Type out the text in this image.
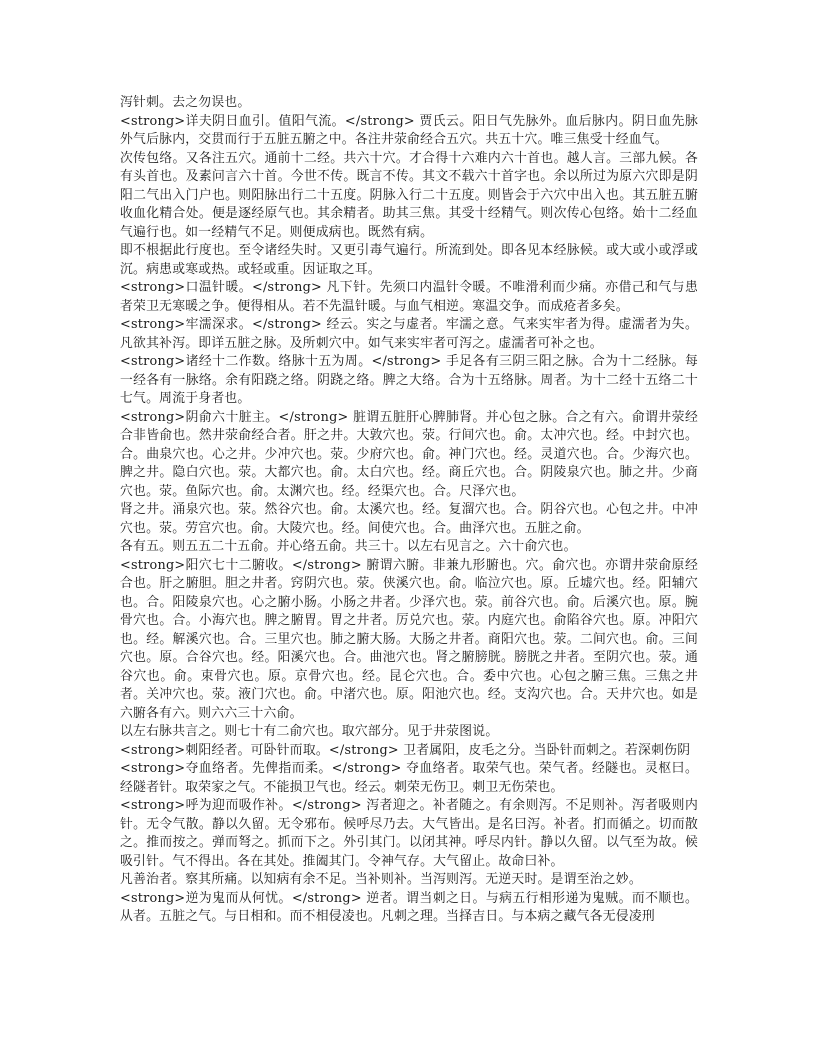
泻针刺。去之勿误也。

<strong>详夫阴日血引。值阳气流。</strong> 贾氏云。阳日气先脉外。血后脉内。阴日血先脉外气后脉内，交贯而行于五脏五腑之中。各注井荥俞经合五穴。共五十穴。唯三焦受十经血气。

次传包络。又各注五穴。通前十二经。共六十穴。才合得十六难内六十首也。越人言。三部九候。各有头首也。及素问言六十首。今世不传。既言不传。其文不载六十首字也。余以所过为原六穴即是阴阳二气出入门户也。则阳脉出行二十五度。阴脉入行二十五度。则皆会于六穴中出入也。其五脏五腑收血化精合处。便是逐经原气也。其余精者。助其三焦。其受十经精气。则次传心包络。始十二经血气遍行也。如一经精气不足。则便成病也。既然有病。

即不根据此行度也。至令诸经失时。又更引毒气遍行。所流到处。即各见本经脉候。或大或小或浮或沉。病患或寒或热。或轻或重。因证取之耳。

<strong>口温针暖。</strong> 凡下针。先须口内温针令暖。不唯滑利而少痛。亦借己和气与患者荣卫无寒暖之争。便得相从。若不先温针暖。与血气相逆。寒温交争。而成疮者多矣。

<strong>牢濡深求。</strong> 经云。实之与虚者。牢濡之意。气来实牢者为得。虚濡者为失。凡欲其补泻。即详五脏之脉。及所刺穴中。如气来实牢者可泻之。虚濡者可补之也。

<strong>诸经十二作数。络脉十五为周。</strong> 手足各有三阴三阳之脉。合为十二经脉。每一经各有一脉络。余有阳跷之络。阴跷之络。脾之大络。合为十五络脉。周者。为十二经十五络二十七气。周流于身者也。

<strong>阴俞六十脏主。</strong> 脏谓五脏肝心脾肺肾。并心包之脉。合之有六。俞谓井荥经合非皆俞也。然井荥俞经合者。肝之井。大敦穴也。荥。行间穴也。俞。太冲穴也。经。中封穴也。合。曲泉穴也。心之井。少冲穴也。荥。少府穴也。俞。神门穴也。经。灵道穴也。合。少海穴也。脾之井。隐白穴也。荥。大都穴也。俞。太白穴也。经。商丘穴也。合。阴陵泉穴也。肺之井。少商穴也。荥。鱼际穴也。俞。太渊穴也。经。经渠穴也。合。尺泽穴也。

肾之井。涌泉穴也。荥。然谷穴也。俞。太溪穴也。经。复溜穴也。合。阴谷穴也。心包之井。中冲穴也。荥。劳宫穴也。俞。大陵穴也。经。间使穴也。合。曲泽穴也。五脏之俞。

各有五。则五五二十五俞。并心络五俞。共三十。以左右见言之。六十俞穴也。

<strong>阳穴七十二腑收。</strong> 腑谓六腑。非兼九形腑也。穴。俞穴也。亦谓井荥俞原经合也。肝之腑胆。胆之井者。窍阴穴也。荥。侠溪穴也。俞。临泣穴也。原。丘墟穴也。经。阳辅穴也。合。阳陵泉穴也。心之腑小肠。小肠之井者。少泽穴也。荥。前谷穴也。俞。后溪穴也。原。腕骨穴也。合。小海穴也。脾之腑胃。胃之井者。厉兑穴也。荥。内庭穴也。俞陷谷穴也。原。冲阳穴也。经。解溪穴也。合。三里穴也。肺之腑大肠。大肠之井者。商阳穴也。荥。二间穴也。俞。三间穴也。原。合谷穴也。经。阳溪穴也。合。曲池穴也。肾之腑膀胱。膀胱之井者。至阴穴也。荥。通谷穴也。俞。束骨穴也。原。京骨穴也。经。昆仑穴也。合。委中穴也。心包之腑三焦。三焦之井者。关冲穴也。荥。液门穴也。俞。中渚穴也。原。阳池穴也。经。支沟穴也。合。天井穴也。如是六腑各有六。则六六三十六俞。

以左右脉共言之。则七十有二俞穴也。取穴部分。见于井荥图说。

<strong>刺阳经者。可卧针而取。</strong> 卫者属阳，皮毛之分。当卧针而刺之。若深刺伤阴

<strong>夺血络者。先俾指而柔。</strong> 夺血络者。取荣气也。荣气者。经隧也。灵枢曰。经隧者针。取荣家之气。不能损卫气也。经云。刺荣无伤卫。刺卫无伤荣也。

<strong>呼为迎而吸作补。</strong> 泻者迎之。补者随之。有余则泻。不足则补。泻者吸则内针。无令气散。静以久留。无令邪布。候呼尽乃去。大气皆出。是名曰泻。补者。扪而循之。切而散之。推而按之。弹而弩之。抓而下之。外引其门。以闭其神。呼尽内针。静以久留。以气至为故。候吸引针。气不得出。各在其处。推阖其门。令神气存。大气留止。故命曰补。

凡善治者。察其所痛。以知病有余不足。当补则补。当泻则泻。无逆天时。是谓至治之妙。

<strong>逆为鬼而从何忧。</strong> 逆者。谓当刺之日。与病五行相形递为鬼贼。而不顺也。从者。五脏之气。与日相和。而不相侵凌也。凡刺之理。当择吉日。与本病之藏气各无侵凌刑
